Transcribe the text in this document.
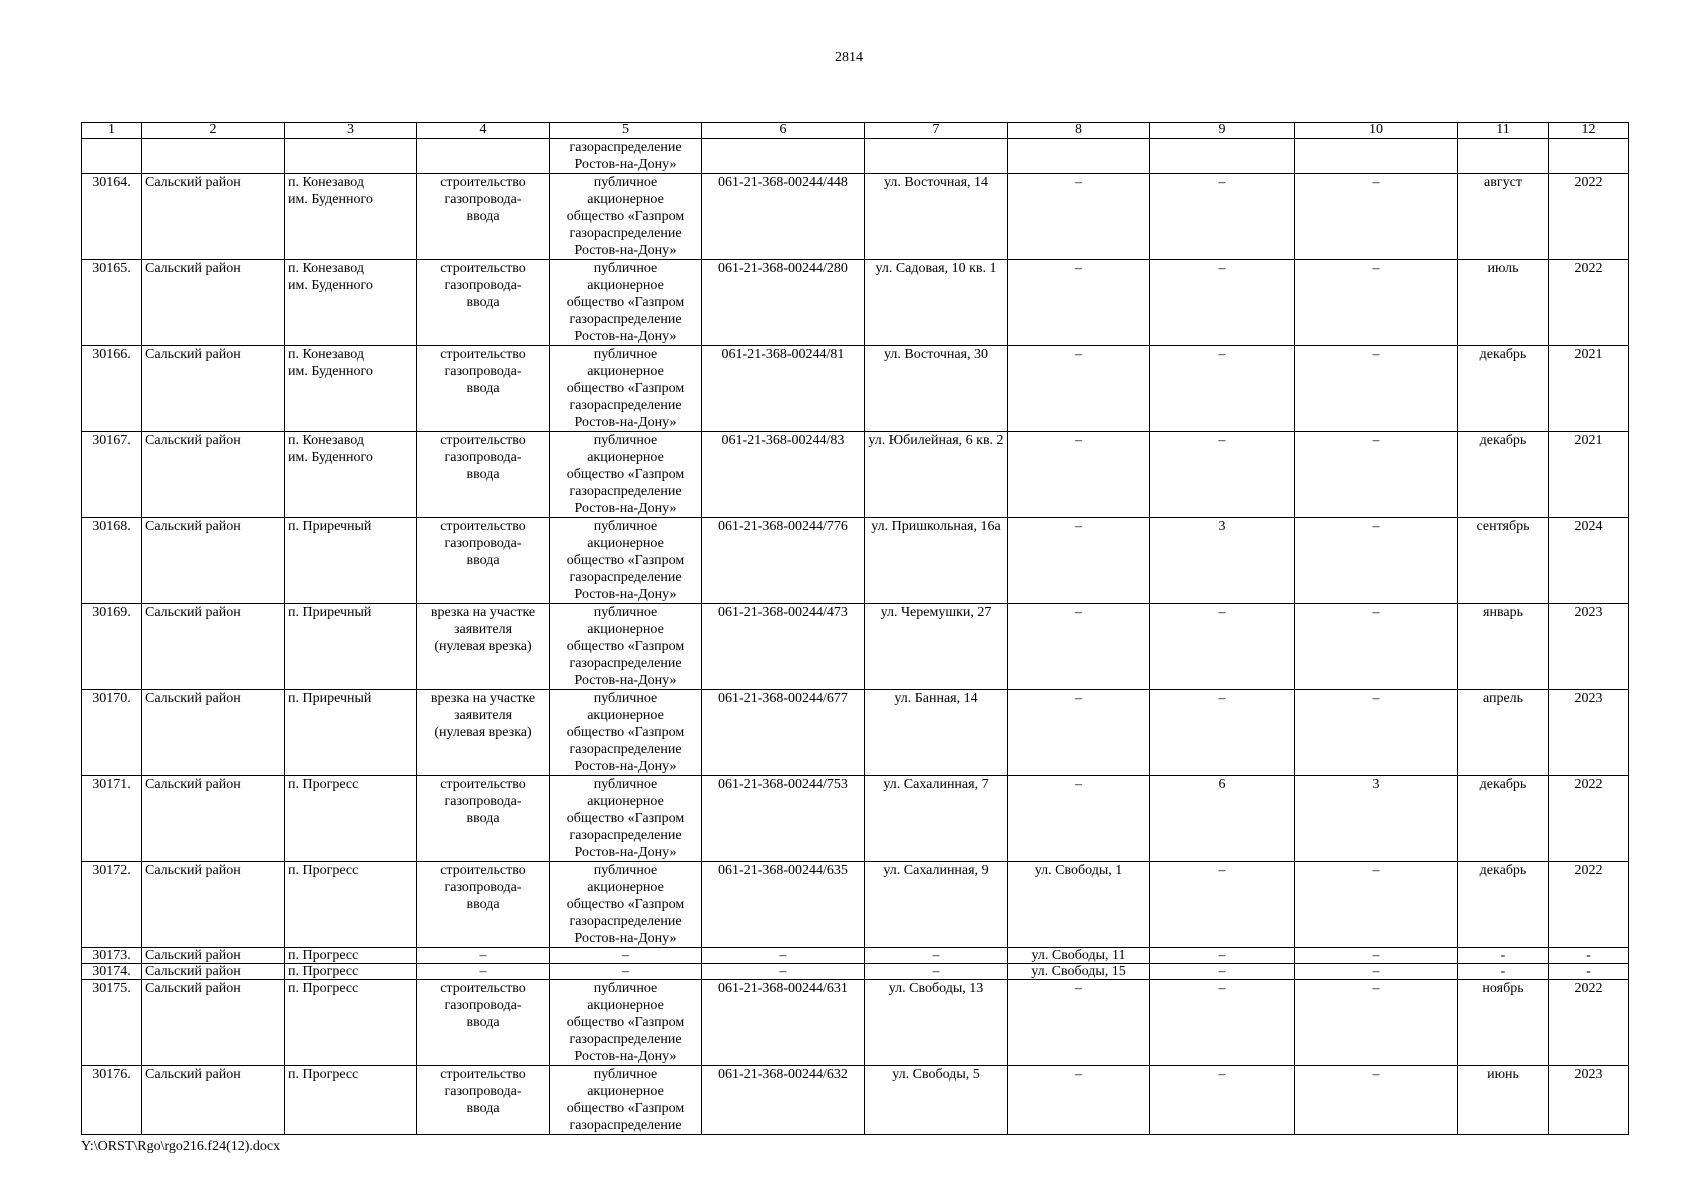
2814
1	2	3	4	5	6	7	8	9	10	11	12

				газораспределение
Ростов-на-Дону»							

30164.	Сальский район	п. Конезавод
им. Буденного	строительство
газопровода-
ввода	публичное
акционерное
общество «Газпром
газораспределение
Ростов-на-Дону»	061-21-368-00244/448	ул. Восточная, 14	–	–	–	август	2022
30165.	Сальский район	п. Конезавод
им. Буденного	строительство
газопровода-
ввода	публичное
акционерное
общество «Газпром
газораспределение
Ростов-на-Дону»	061-21-368-00244/280	ул. Садовая, 10 кв. 1	–	–	–	июль	2022
30166.	Сальский район	п. Конезавод
им. Буденного	строительство
газопровода-
ввода	публичное
акционерное
общество «Газпром
газораспределение
Ростов-на-Дону»	061-21-368-00244/81	ул. Восточная, 30	–	–	–	декабрь	2021
30167.	Сальский район	п. Конезавод
им. Буденного	строительство
газопровода-
ввода	публичное
акционерное
общество «Газпром
газораспределение
Ростов-на-Дону»	061-21-368-00244/83	ул. Юбилейная, 6 кв. 2	–	–	–	декабрь	2021
30168.	Сальский район	п. Приречный	строительство
газопровода-
ввода	публичное
акционерное
общество «Газпром
газораспределение
Ростов-на-Дону»	061-21-368-00244/776	ул. Пришкольная, 16а	–	3	–	сентябрь	2024
30169.	Сальский район	п. Приречный	врезка на участке
заявителя
(нулевая врезка)	публичное
акционерное
общество «Газпром
газораспределение
Ростов-на-Дону»	061-21-368-00244/473	ул. Черемушки, 27	–	–	–	январь	2023
30170.	Сальский район	п. Приречный	врезка на участке
заявителя
(нулевая врезка)	публичное
акционерное
общество «Газпром
газораспределение
Ростов-на-Дону»	061-21-368-00244/677	ул. Банная, 14	–	–	–	апрель	2023
30171.	Сальский район	п. Прогресс	строительство
газопровода-
ввода	публичное
акционерное
общество «Газпром
газораспределение
Ростов-на-Дону»	061-21-368-00244/753	ул. Сахалинная, 7	–	6	3	декабрь	2022
30172.	Сальский район	п. Прогресс	строительство
газопровода-
ввода	публичное
акционерное
общество «Газпром
газораспределение
Ростов-на-Дону»	061-21-368-00244/635	ул. Сахалинная, 9	ул. Свободы, 1	–	–	декабрь	2022
30173.	Сальский район	п. Прогресс	–	–	–	–	ул. Свободы, 11	–	–	-	-
30174.	Сальский район	п. Прогресс	–	–	–	–	ул. Свободы, 15	–	–	-	-
30175.	Сальский район	п. Прогресс	строительство
газопровода-
ввода	публичное
акционерное
общество «Газпром
газораспределение
Ростов-на-Дону»	061-21-368-00244/631	ул. Свободы, 13	–	–	–	ноябрь	2022
30176.	Сальский район	п. Прогресс	строительство
газопровода-
ввода	публичное
акционерное
общество «Газпром
газораспределение	061-21-368-00244/632	ул. Свободы, 5	–	–	–	июнь	2023
Y:\ORST\Rgo\rgo216.f24(12).docx
